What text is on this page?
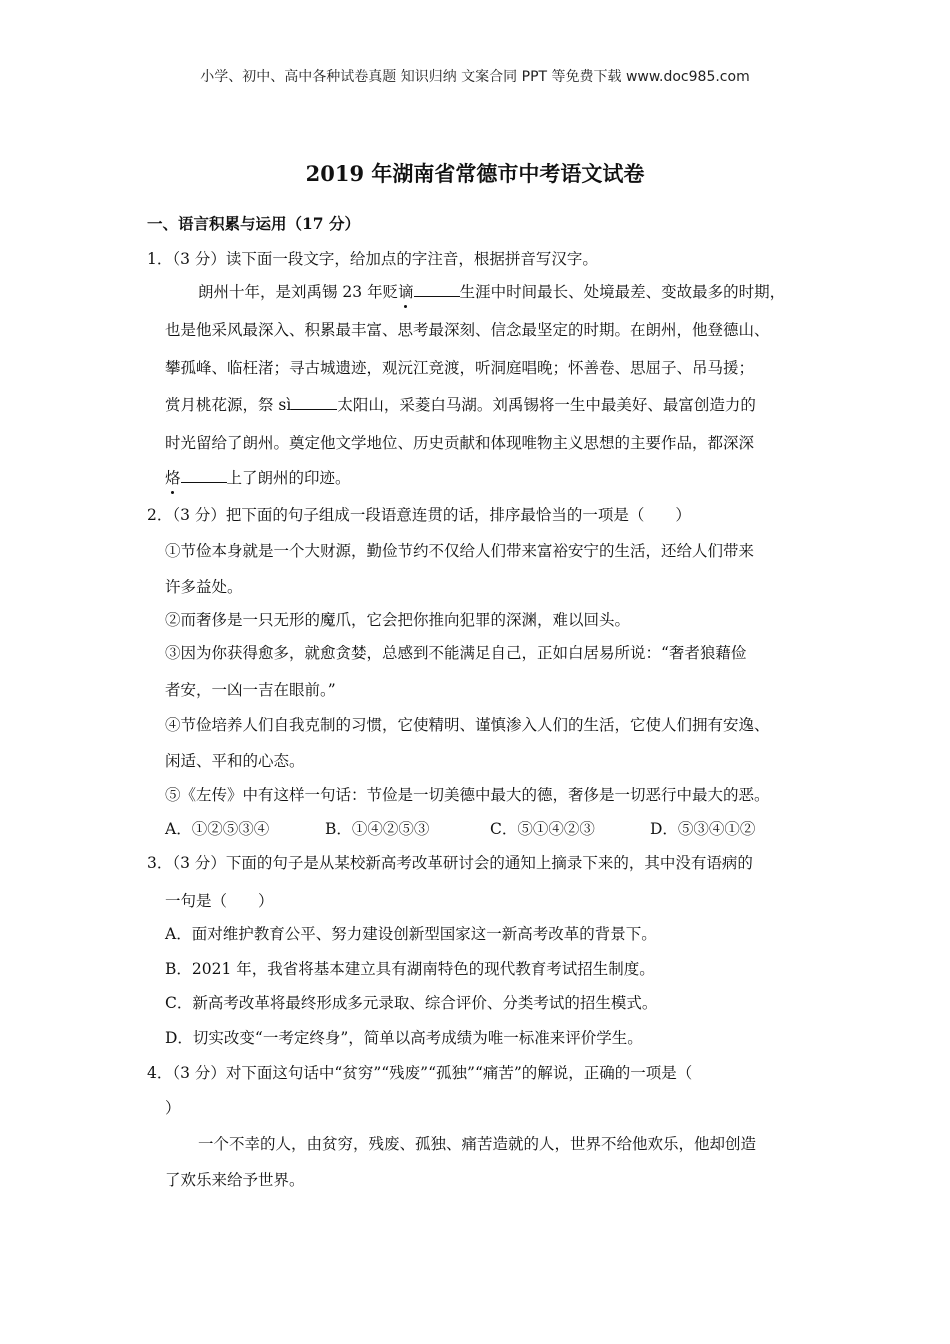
小学、初中、高中各种试卷真题 知识归纳 文案合同 PPT 等免费下载 www.doc985.com
2019 年湖南省常德市中考语文试卷
一、语言积累与运用（17 分）
1．（3 分）读下面一段文字，给加点的字注音，根据拼音写汉字。
朗州十年，是刘禹锡 23 年贬谪	生涯中时间最长、处境最差、变故最多的时期，
也是他采风最深入、积累最丰富、思考最深刻、信念最坚定的时期。在朗州，他登德山、
攀孤峰、临枉渚；寻古城遗迹，观沅江竞渡，听洞庭唱晚；怀善卷、思屈子、吊马援；
赏月桃花源，祭 sì	太阳山，采菱白马湖。刘禹锡将一生中最美好、最富创造力的
时光留给了朗州。奠定他文学地位、历史贡献和体现唯物主义思想的主要作品，都深深
烙	上了朗州的印迹。
2．（3 分）把下面的句子组成一段语意连贯的话，排序最恰当的一项是（　　）
①节俭本身就是一个大财源，勤俭节约不仅给人们带来富裕安宁的生活，还给人们带来
许多益处。
②而奢侈是一只无形的魔爪，它会把你推向犯罪的深渊，难以回头。
③因为你获得愈多，就愈贪婪，总感到不能满足自己，正如白居易所说：“奢者狼藉俭
者安，一凶一吉在眼前。”
④节俭培养人们自我克制的习惯，它使精明、谨慎渗入人们的生活，它使人们拥有安逸、
闲适、平和的心态。
⑤《左传》中有这样一句话：节俭是一切美德中最大的德，奢侈是一切恶行中最大的恶。
A．①②⑤③④	B．①④②⑤③	C．⑤①④②③	D．⑤③④①②
3．（3 分）下面的句子是从某校新高考改革研讨会的通知上摘录下来的，其中没有语病的
一句是（　　）
A．面对维护教育公平、努力建设创新型国家这一新高考改革的背景下。
B．2021 年，我省将基本建立具有湖南特色的现代教育考试招生制度。
C．新高考改革将最终形成多元录取、综合评价、分类考试的招生模式。
D．切实改变“一考定终身”，简单以高考成绩为唯一标准来评价学生。
4．（3 分）对下面这句话中“贫穷”“残废”“孤独”“痛苦”的解说，正确的一项是（
）
一个不幸的人，由贫穷，残废、孤独、痛苦造就的人，世界不给他欢乐，他却创造
了欢乐来给予世界。
